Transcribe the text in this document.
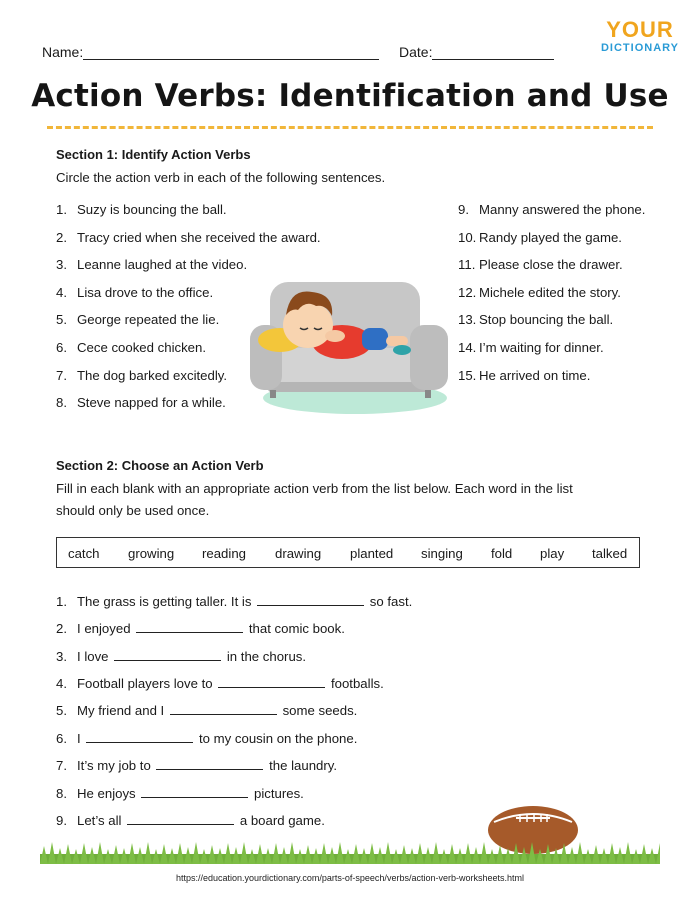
Name:	Date:
YOUR
DICTIONARY
Action Verbs: Identification and Use
Section 1: Identify Action Verbs
Circle the action verb in each of the following sentences.
1. Suzy is bouncing the ball.
2. Tracy cried when she received the award.
3. Leanne laughed at the video.
4. Lisa drove to the office.
5. George repeated the lie.
6. Cece cooked chicken.
7. The dog barked excitedly.
8. Steve napped for a while.
9. Manny answered the phone.
10. Randy played the game.
11. Please close the drawer.
12. Michele edited the story.
13. Stop bouncing the ball.
14. I’m waiting for dinner.
15. He arrived on time.
Section 2: Choose an Action Verb
Fill in each blank with an appropriate action verb from the list below. Each word in the list
should only be used once.
catch growing reading drawing planted singing fold play talked
1. The grass is getting taller. It is	so fast.
2. I enjoyed	that comic book.
3. I love	in the chorus.
4. Football players love to	footballs.
5. My friend and I	some seeds.
6. I	to my cousin on the phone.
7. It’s my job to	the laundry.
8. He enjoys	pictures.
9. Let’s all	a board game.
https://education.yourdictionary.com/parts-of-speech/verbs/action-verb-worksheets.html
